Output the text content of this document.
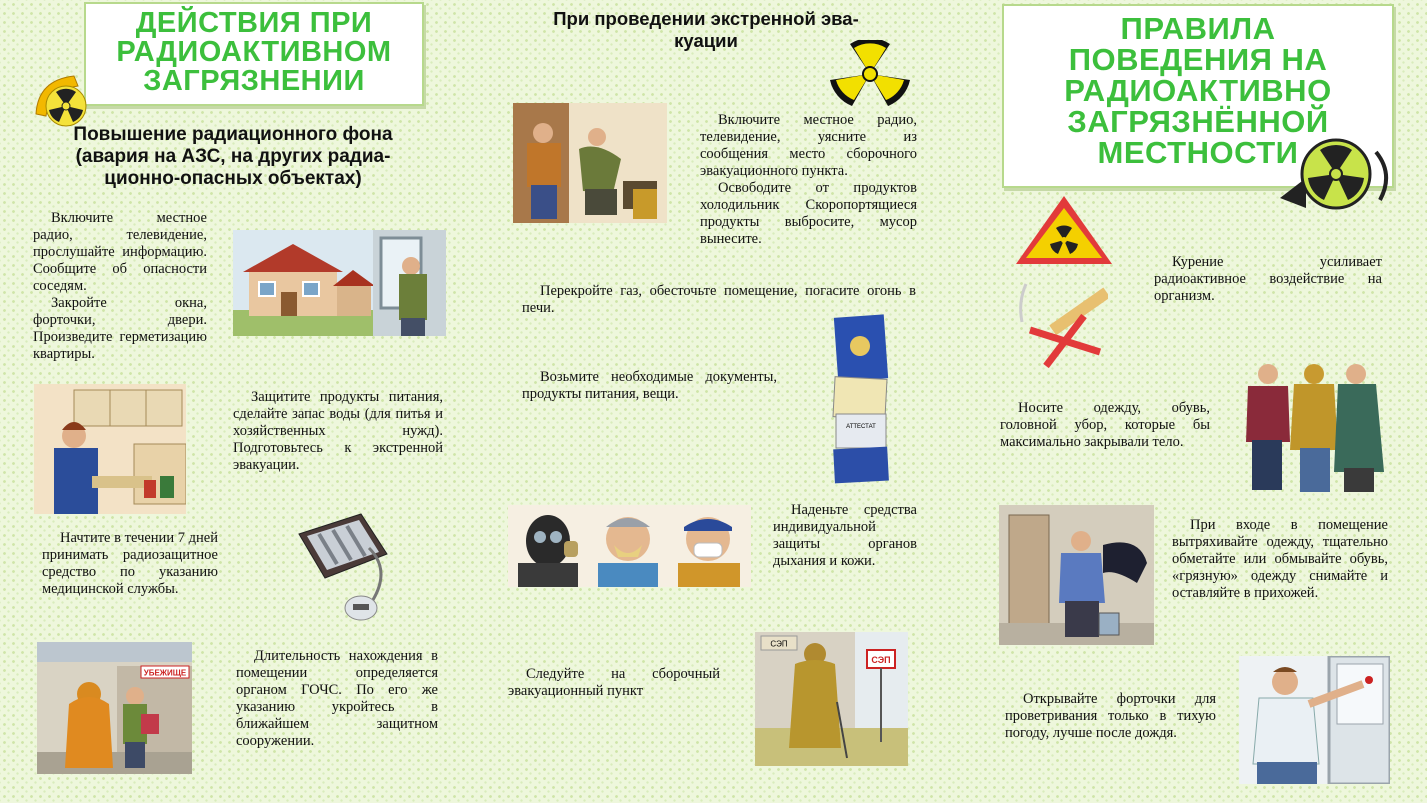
ДЕЙСТВИЯ ПРИ
РАДИОАКТИВНОМ
ЗАГРЯЗНЕНИИ
Повышение радиационного фона
(авария на АЗС, на других радиа-
ционно-опасных объектах)

Включите местное радио, телевидение, прослушайте информацию. Сообщите об опасности соседям.

Закройте окна, форточки, двери. Произведите герметизацию квартиры.

Защитите продукты питания, сделайте запас воды (для питья и хозяйственных нужд). Подготовьтесь к экстренной эвакуации.

Начтите в течении 7 дней принимать радиозащитное средство по указанию медицинской службы.

УБЕЖИЩЕ

Длительность нахождения в помещении определяется органом ГОЧС. По его же указанию укройтесь в ближайшем защитном сооружении.

При проведении экстренной эва-
куации

Включите местное радио, телевидение, уясните из сообщения место сборочного эвакуационного пункта.

Освободите от продуктов холодильник Скоропортящиеся продукты выбросите, мусор вынесите.

Перекройте газ, обесточьте помещение, погасите огонь в печи.

Возьмите необходимые документы, продукты питания, вещи.

АТТЕСТАТ

Наденьте средства индивидуальной защиты органов дыхания и кожи.

Следуйте на сборочный эвакуационный пункт

СЭП
СЭП
ПРАВИЛА
ПОВЕДЕНИЯ НА
РАДИОАКТИВНО
ЗАГРЯЗНЁННОЙ
МЕСТНОСТИ

Курение усиливает радиоактивное воздействие на организм.

Носите одежду, обувь, головной убор, которые бы максимально закрывали тело.

При входе в помещение вытряхивайте одежду, тщательно обметайте или обмывайте обувь, «грязную» одежду снимайте и оставляйте в прихожей.

Открывайте форточки для проветривания только в тихую погоду, лучше после дождя.
